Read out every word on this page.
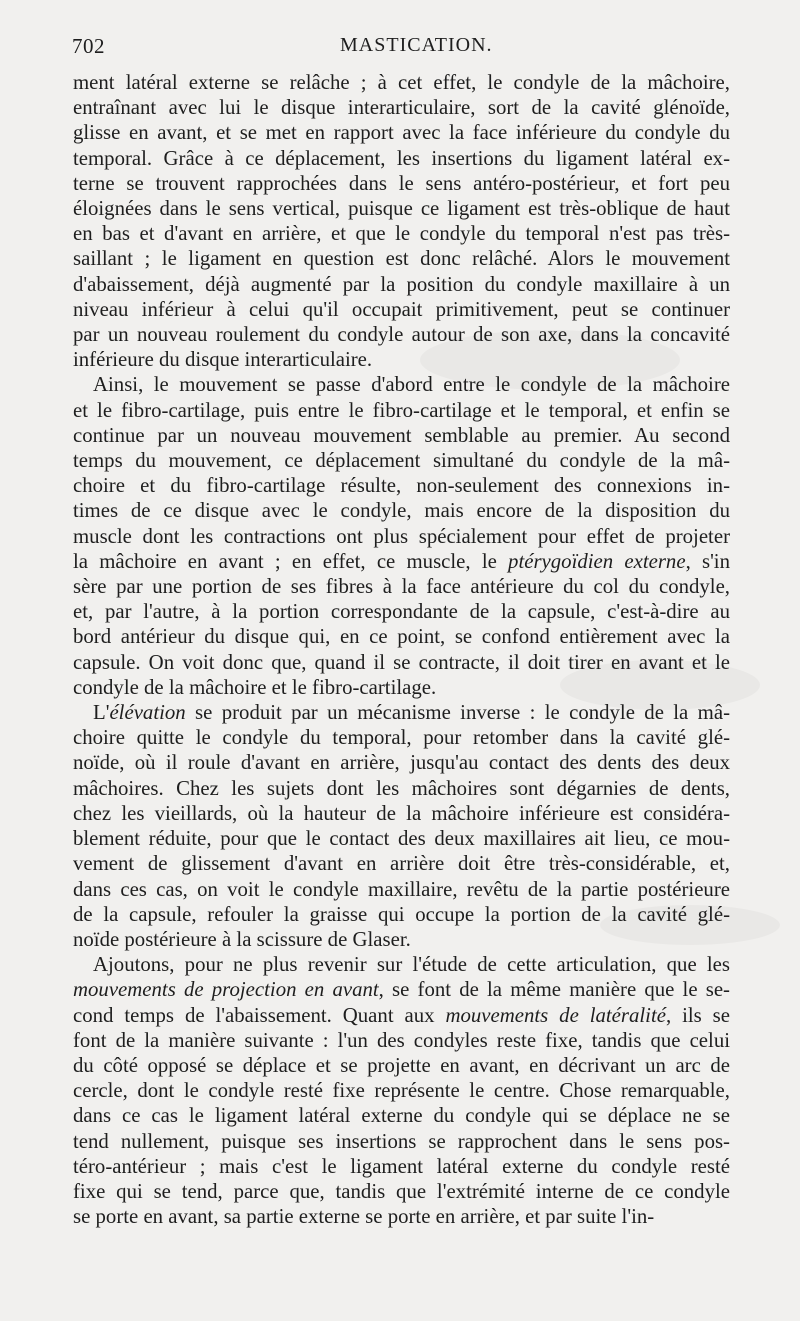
702	MASTICATION.

ment latéral externe se relâche ; à cet effet, le condyle de la mâchoire,
entraînant avec lui le disque interarticulaire, sort de la cavité glénoïde,
glisse en avant, et se met en rapport avec la face inférieure du condyle du
temporal. Grâce à ce déplacement, les insertions du ligament latéral ex-
terne se trouvent rapprochées dans le sens antéro-postérieur, et fort peu
éloignées dans le sens vertical, puisque ce ligament est très-oblique de haut
en bas et d'avant en arrière, et que le condyle du temporal n'est pas très-
saillant ; le ligament en question est donc relâché. Alors le mouvement
d'abaissement, déjà augmenté par la position du condyle maxillaire à un
niveau inférieur à celui qu'il occupait primitivement, peut se continuer
par un nouveau roulement du condyle autour de son axe, dans la concavité
inférieure du disque interarticulaire.

Ainsi, le mouvement se passe d'abord entre le condyle de la mâchoire
et le fibro-cartilage, puis entre le fibro-cartilage et le temporal, et enfin se
continue par un nouveau mouvement semblable au premier. Au second
temps du mouvement, ce déplacement simultané du condyle de la mâ-
choire et du fibro-cartilage résulte, non-seulement des connexions in-
times de ce disque avec le condyle, mais encore de la disposition du
muscle dont les contractions ont plus spécialement pour effet de projeter
la mâchoire en avant ; en effet, ce muscle, le ptérygoïdien externe, s'in
sère par une portion de ses fibres à la face antérieure du col du condyle,
et, par l'autre, à la portion correspondante de la capsule, c'est-à-dire au
bord antérieur du disque qui, en ce point, se confond entièrement avec la
capsule. On voit donc que, quand il se contracte, il doit tirer en avant et le
condyle de la mâchoire et le fibro-cartilage.

L'élévation se produit par un mécanisme inverse : le condyle de la mâ-
choire quitte le condyle du temporal, pour retomber dans la cavité glé-
noïde, où il roule d'avant en arrière, jusqu'au contact des dents des deux
mâchoires. Chez les sujets dont les mâchoires sont dégarnies de dents,
chez les vieillards, où la hauteur de la mâchoire inférieure est considéra-
blement réduite, pour que le contact des deux maxillaires ait lieu, ce mou-
vement de glissement d'avant en arrière doit être très-considérable, et,
dans ces cas, on voit le condyle maxillaire, revêtu de la partie postérieure
de la capsule, refouler la graisse qui occupe la portion de la cavité glé-
noïde postérieure à la scissure de Glaser.

Ajoutons, pour ne plus revenir sur l'étude de cette articulation, que les
mouvements de projection en avant, se font de la même manière que le se-
cond temps de l'abaissement. Quant aux mouvements de latéralité, ils se
font de la manière suivante : l'un des condyles reste fixe, tandis que celui
du côté opposé se déplace et se projette en avant, en décrivant un arc de
cercle, dont le condyle resté fixe représente le centre. Chose remarquable,
dans ce cas le ligament latéral externe du condyle qui se déplace ne se
tend nullement, puisque ses insertions se rapprochent dans le sens pos-
téro-antérieur ; mais c'est le ligament latéral externe du condyle resté
fixe qui se tend, parce que, tandis que l'extrémité interne de ce condyle
se porte en avant, sa partie externe se porte en arrière, et par suite l'in-
